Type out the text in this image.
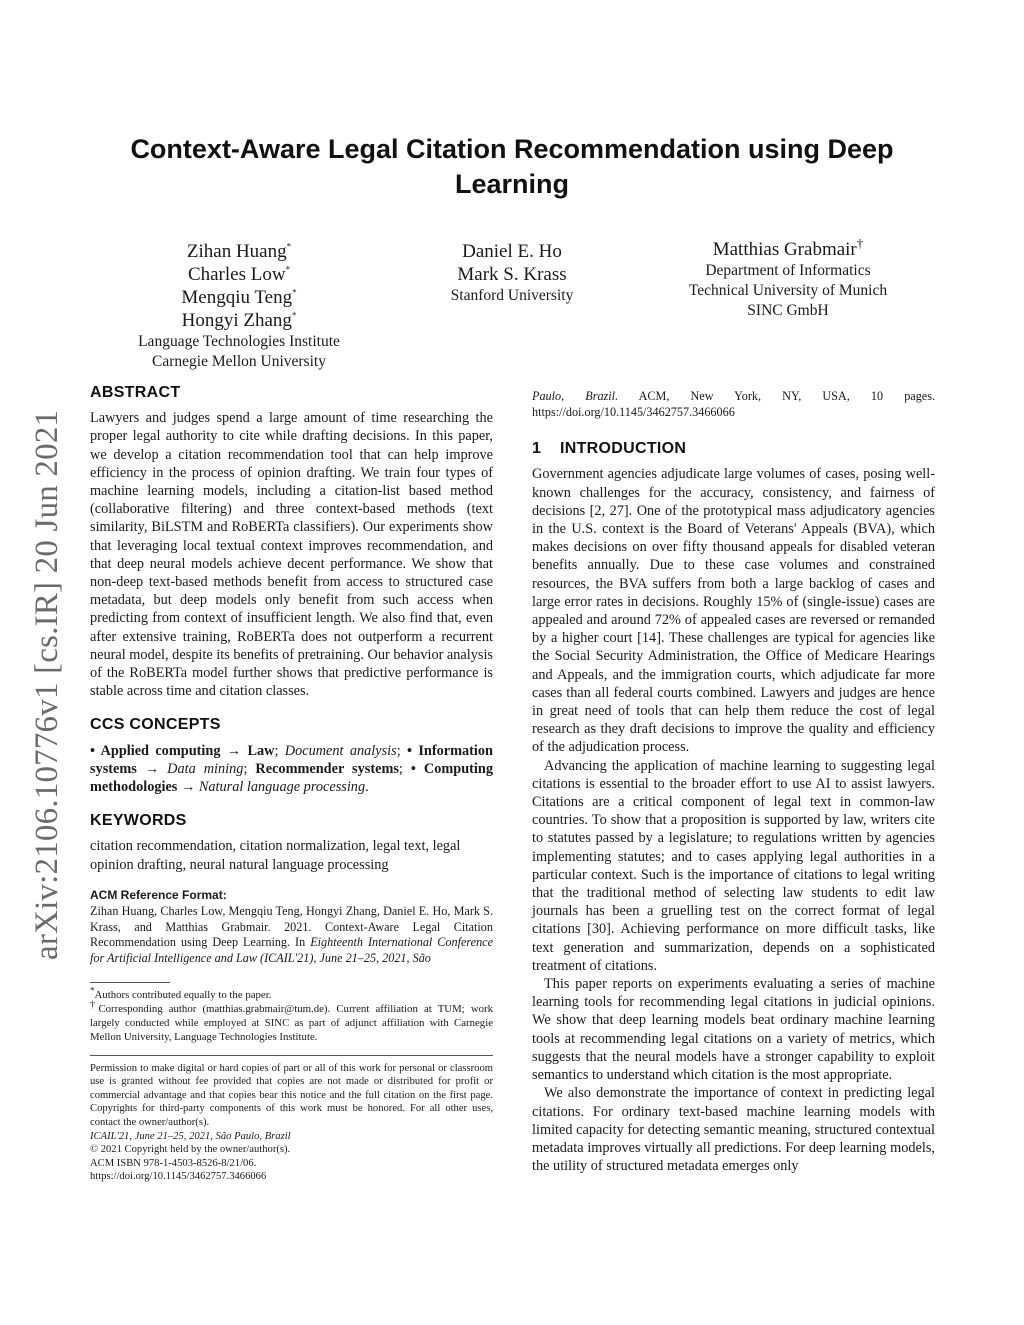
arXiv:2106.10776v1 [cs.IR] 20 Jun 2021
Context-Aware Legal Citation Recommendation using Deep
Learning
Zihan Huang*
Charles Low*
Mengqiu Teng*
Hongyi Zhang*
Language Technologies Institute
Carnegie Mellon University
Daniel E. Ho
Mark S. Krass
Stanford University
Matthias Grabmair†
Department of Informatics
Technical University of Munich
SINC GmbH
ABSTRACT

Lawyers and judges spend a large amount of time researching the proper legal authority to cite while drafting decisions. In this paper, we develop a citation recommendation tool that can help improve efficiency in the process of opinion drafting. We train four types of machine learning models, including a citation-list based method (collaborative filtering) and three context-based methods (text similarity, BiLSTM and RoBERTa classifiers). Our experiments show that leveraging local textual context improves recommendation, and that deep neural models achieve decent performance. We show that non-deep text-based methods benefit from access to structured case metadata, but deep models only benefit from such access when predicting from context of insufficient length. We also find that, even after extensive training, RoBERTa does not outperform a recurrent neural model, despite its benefits of pretraining. Our behavior analysis of the RoBERTa model further shows that predictive performance is stable across time and citation classes.

CCS CONCEPTS

• Applied computing → Law; Document analysis; • Information systems → Data mining; Recommender systems; • Computing methodologies → Natural language processing.

KEYWORDS

citation recommendation, citation normalization, legal text, legal opinion drafting, neural natural language processing

ACM Reference Format:

Zihan Huang, Charles Low, Mengqiu Teng, Hongyi Zhang, Daniel E. Ho, Mark S. Krass, and Matthias Grabmair. 2021. Context-Aware Legal Citation Recommendation using Deep Learning. In Eighteenth International Conference for Artificial Intelligence and Law (ICAIL'21), June 21–25, 2021, São

*Authors contributed equally to the paper.

†Corresponding author (matthias.grabmair@tum.de). Current affiliation at TUM; work largely conducted while employed at SINC as part of adjunct affiliation with Carnegie Mellon University, Language Technologies Institute.

Permission to make digital or hard copies of part or all of this work for personal or classroom use is granted without fee provided that copies are not made or distributed for profit or commercial advantage and that copies bear this notice and the full citation on the first page. Copyrights for third-party components of this work must be honored. For all other uses, contact the owner/author(s).

ICAIL'21, June 21–25, 2021, São Paulo, Brazil

© 2021 Copyright held by the owner/author(s).

ACM ISBN 978-1-4503-8526-8/21/06.

https://doi.org/10.1145/3462757.3466066

Paulo, Brazil. ACM, New York, NY, USA, 10 pages. https://doi.org/10.1145/3462757.3466066

1 INTRODUCTION

Government agencies adjudicate large volumes of cases, posing well-known challenges for the accuracy, consistency, and fairness of decisions [2, 27]. One of the prototypical mass adjudicatory agencies in the U.S. context is the Board of Veterans' Appeals (BVA), which makes decisions on over fifty thousand appeals for disabled veteran benefits annually. Due to these case volumes and constrained resources, the BVA suffers from both a large backlog of cases and large error rates in decisions. Roughly 15% of (single-issue) cases are appealed and around 72% of appealed cases are reversed or remanded by a higher court [14]. These challenges are typical for agencies like the Social Security Administration, the Office of Medicare Hearings and Appeals, and the immigration courts, which adjudicate far more cases than all federal courts combined. Lawyers and judges are hence in great need of tools that can help them reduce the cost of legal research as they draft decisions to improve the quality and efficiency of the adjudication process.

Advancing the application of machine learning to suggesting legal citations is essential to the broader effort to use AI to assist lawyers. Citations are a critical component of legal text in common-law countries. To show that a proposition is supported by law, writers cite to statutes passed by a legislature; to regulations written by agencies implementing statutes; and to cases applying legal authorities in a particular context. Such is the importance of citations to legal writing that the traditional method of selecting law students to edit law journals has been a gruelling test on the correct format of legal citations [30]. Achieving performance on more difficult tasks, like text generation and summarization, depends on a sophisticated treatment of citations.

This paper reports on experiments evaluating a series of machine learning tools for recommending legal citations in judicial opinions. We show that deep learning models beat ordinary machine learning tools at recommending legal citations on a variety of metrics, which suggests that the neural models have a stronger capability to exploit semantics to understand which citation is the most appropriate.

We also demonstrate the importance of context in predicting legal citations. For ordinary text-based machine learning models with limited capacity for detecting semantic meaning, structured contextual metadata improves virtually all predictions. For deep learning models, the utility of structured metadata emerges only
